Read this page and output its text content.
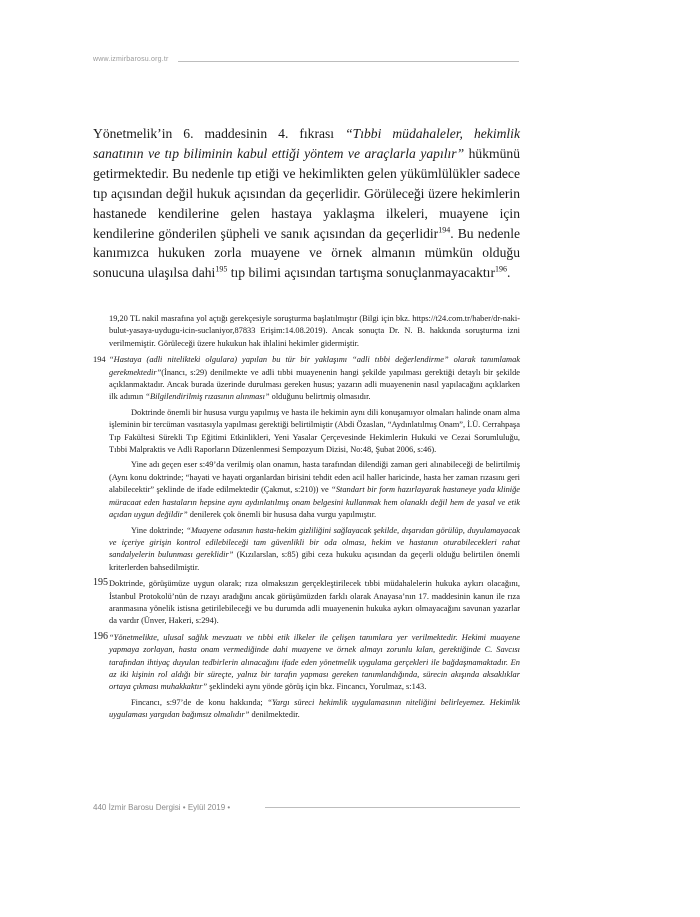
www.izmirbarosu.org.tr

Yönetmelik’in 6. maddesinin 4. fıkrası “Tıbbi müdahaleler, hekimlik sanatının ve tıp biliminin kabul ettiği yöntem ve araçlarla yapılır” hükmünü getirmektedir. Bu nedenle tıp etiği ve hekimlikten gelen yükümlülükler sadece tıp açısından değil hukuk açısından da geçerlidir. Görüleceği üzere hekimlerin hastanede kendilerine gelen hastaya yaklaşma ilkeleri, muayene için kendilerine gönderilen şüpheli ve sanık açısından da geçerlidir$^{194}$. Bu nedenle kanımızca hukuken zorla muayene ve örnek almanın mümkün olduğu sonucuna ulaşılsa dahi$^{195}$ tıp bilimi açısından tartışma sonuçlanmayacaktır$^{196}$.

19,20 TL nakil masrafına yol açtığı gerekçesiyle soruşturma başlatılmıştır (Bilgi için bkz. https://t24.com.tr/haber/dr-naki-bulut-yasaya-uydugu-icin-suclaniyor,87833 Erişim:14.08.2019). Ancak sonuçta Dr. N. B. hakkında soruşturma izni verilmemiştir. Görüleceği üzere hukukun hak ihlalini hekimler gidermiştir.

194 “Hastaya (adli nitelikteki olgulara) yapılan bu tür bir yaklaşımı “adli tıbbi değerlendirme” olarak tanımlamak gerekmektedir”(İnancı, s:29) denilmekte ve adli tıbbi muayenenin hangi şekilde yapılması gerektiği detaylı bir şekilde açıklanmaktadır. Ancak burada üzerinde durulması gereken husus; yazarın adli muayenenin nasıl yapılacağını açıklarken ilk adımın “Bilgilendirilmiş rızasının alınması” olduğunu belirtmiş olmasıdır.

Doktrinde önemli bir hususa vurgu yapılmış ve hasta ile hekimin aynı dili konuşamıyor olmaları halinde onam alma işleminin bir tercüman vasıtasıyla yapılması gerektiği belirtilmiştir (Abdi Özaslan, “Aydınlatılmış Onam”, İ.Ü. Cerrahpaşa Tıp Fakültesi Sürekli Tıp Eğitimi Etkinlikleri, Yeni Yasalar Çerçevesinde Hekimlerin Hukuki ve Cezai Sorumluluğu, Tıbbi Malpraktis ve Adli Raporların Düzenlenmesi Sempozyum Dizisi, No:48, Şubat 2006, s:46).

Yine adı geçen eser s:49’da verilmiş olan onamın, hasta tarafından dilendiği zaman geri alınabileceği de belirtilmiş (Aynı konu doktrinde; “hayati ve hayati organlardan birisini tehdit eden acil haller haricinde, hasta her zaman rızasını geri alabilecektir” şeklinde de ifade edilmektedir (Çakmut, s:210)) ve “Standart bir form hazırlayarak hastaneye yada kliniğe müracaat eden hastaların hepsine aynı aydınlatılmış onam belgesini kullanmak hem olanaklı değil hem de yasal ve etik açıdan uygun değildir” denilerek çok önemli bir hususa daha vurgu yapılmıştır.

Yine doktrinde; “Muayene odasının hasta-hekim gizliliğini sağlayacak şekilde, dışarıdan görülüp, duyulamayacak ve içeriye girişin kontrol edilebileceği tam güvenlikli bir oda olması, hekim ve hastanın oturabilecekleri rahat sandalyelerin bulunması gereklidir” (Kızılarslan, s:85) gibi ceza hukuku açısından da geçerli olduğu belirtilen önemli kriterlerden bahsedilmiştir.

195 Doktrinde, görüşümüze uygun olarak; rıza olmaksızın gerçekleştirilecek tıbbi müdahalelerin hukuka aykırı olacağını, İstanbul Protokolü’nün de rızayı aradığını ancak görüşümüzden farklı olarak Anayasa’nın 17. maddesinin kanun ile rıza aranmasına yönelik istisna getirilebileceği ve bu durumda adli muayenenin hukuka aykırı olmayacağını savunan yazarlar da vardır (Ünver, Hakeri, s:294).

196 “Yönetmelikte, ulusal sağlık mevzuatı ve tıbbi etik ilkeler ile çelişen tanımlara yer verilmektedir. Hekimi muayene yapmaya zorlayan, hasta onam vermediğinde dahi muayene ve örnek almayı zorunlu kılan, gerektiğinde C. Savcısı tarafından ihtiyaç duyulan tedbirlerin alınacağını ifade eden yönetmelik uygulama gerçekleri ile bağdaşmamaktadır. En az iki kişinin rol aldığı bir süreçte, yalnız bir tarafın yapması gereken tanımlandığında, sürecin akışında aksaklıklar ortaya çıkması muhakkaktır” şeklindeki aynı yönde görüş için bkz. Fincancı, Yorulmaz, s:143.

Fincancı, s:97’de de konu hakkında; “Yargı süreci hekimlik uygulamasının niteliğini belirleyemez. Hekimlik uygulaması yargıdan bağımsız olmalıdır” denilmektedir.

440 İzmir Barosu Dergisi • Eylül 2019 •
